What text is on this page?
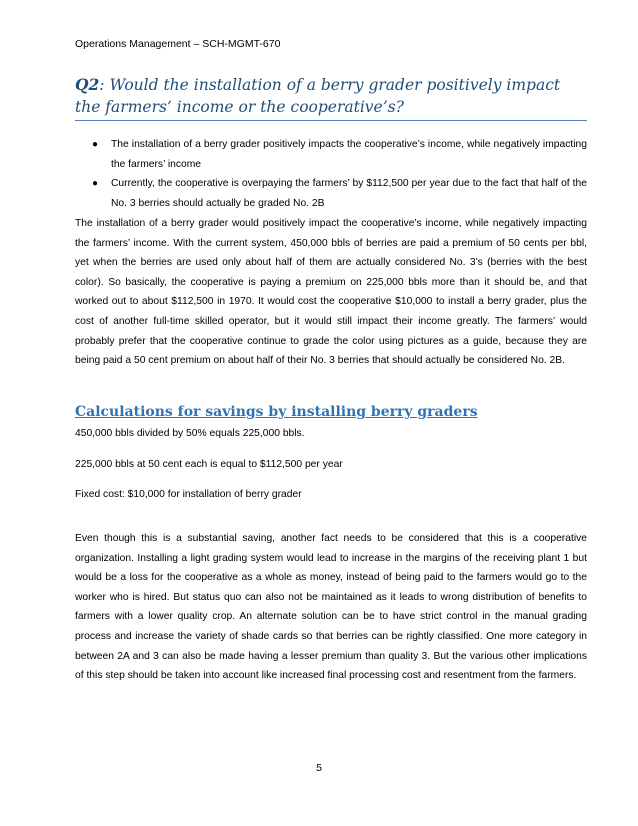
Operations Management – SCH-MGMT-670
Q2: Would the installation of a berry grader positively impact the farmers’ income or the cooperative’s?
● The installation of a berry grader positively impacts the cooperative’s income, while negatively impacting the farmers’ income
● Currently, the cooperative is overpaying the farmers’ by $112,500 per year due to the fact that half of the No. 3 berries should actually be graded No. 2B

The installation of a berry grader would positively impact the cooperative’s income, while negatively impacting the farmers’ income. With the current system, 450,000 bbls of berries are paid a premium of 50 cents per bbl, yet when the berries are used only about half of them are actually considered No. 3’s (berries with the best color). So basically, the cooperative is paying a premium on 225,000 bbls more than it should be, and that worked out to about $112,500 in 1970. It would cost the cooperative $10,000 to install a berry grader, plus the cost of another full-time skilled operator, but it would still impact their income greatly. The farmers’ would probably prefer that the cooperative continue to grade the color using pictures as a guide, because they are being paid a 50 cent premium on about half of their No. 3 berries that should actually be considered No. 2B.

Calculations for savings by installing berry graders

450,000 bbls divided by 50% equals 225,000 bbls.

225,000 bbls at 50 cent each is equal to $112,500 per year

Fixed cost: $10,000 for installation of berry grader

Even though this is a substantial saving, another fact needs to be considered that this is a cooperative organization. Installing a light grading system would lead to increase in the margins of the receiving plant 1 but would be a loss for the cooperative as a whole as money, instead of being paid to the farmers would go to the worker who is hired. But status quo can also not be maintained as it leads to wrong distribution of benefits to farmers with a lower quality crop. An alternate solution can be to have strict control in the manual grading process and increase the variety of shade cards so that berries can be rightly classified. One more category in between 2A and 3 can also be made having a lesser premium than quality 3. But the various other implications of this step should be taken into account like increased final processing cost and resentment from the farmers.

5
